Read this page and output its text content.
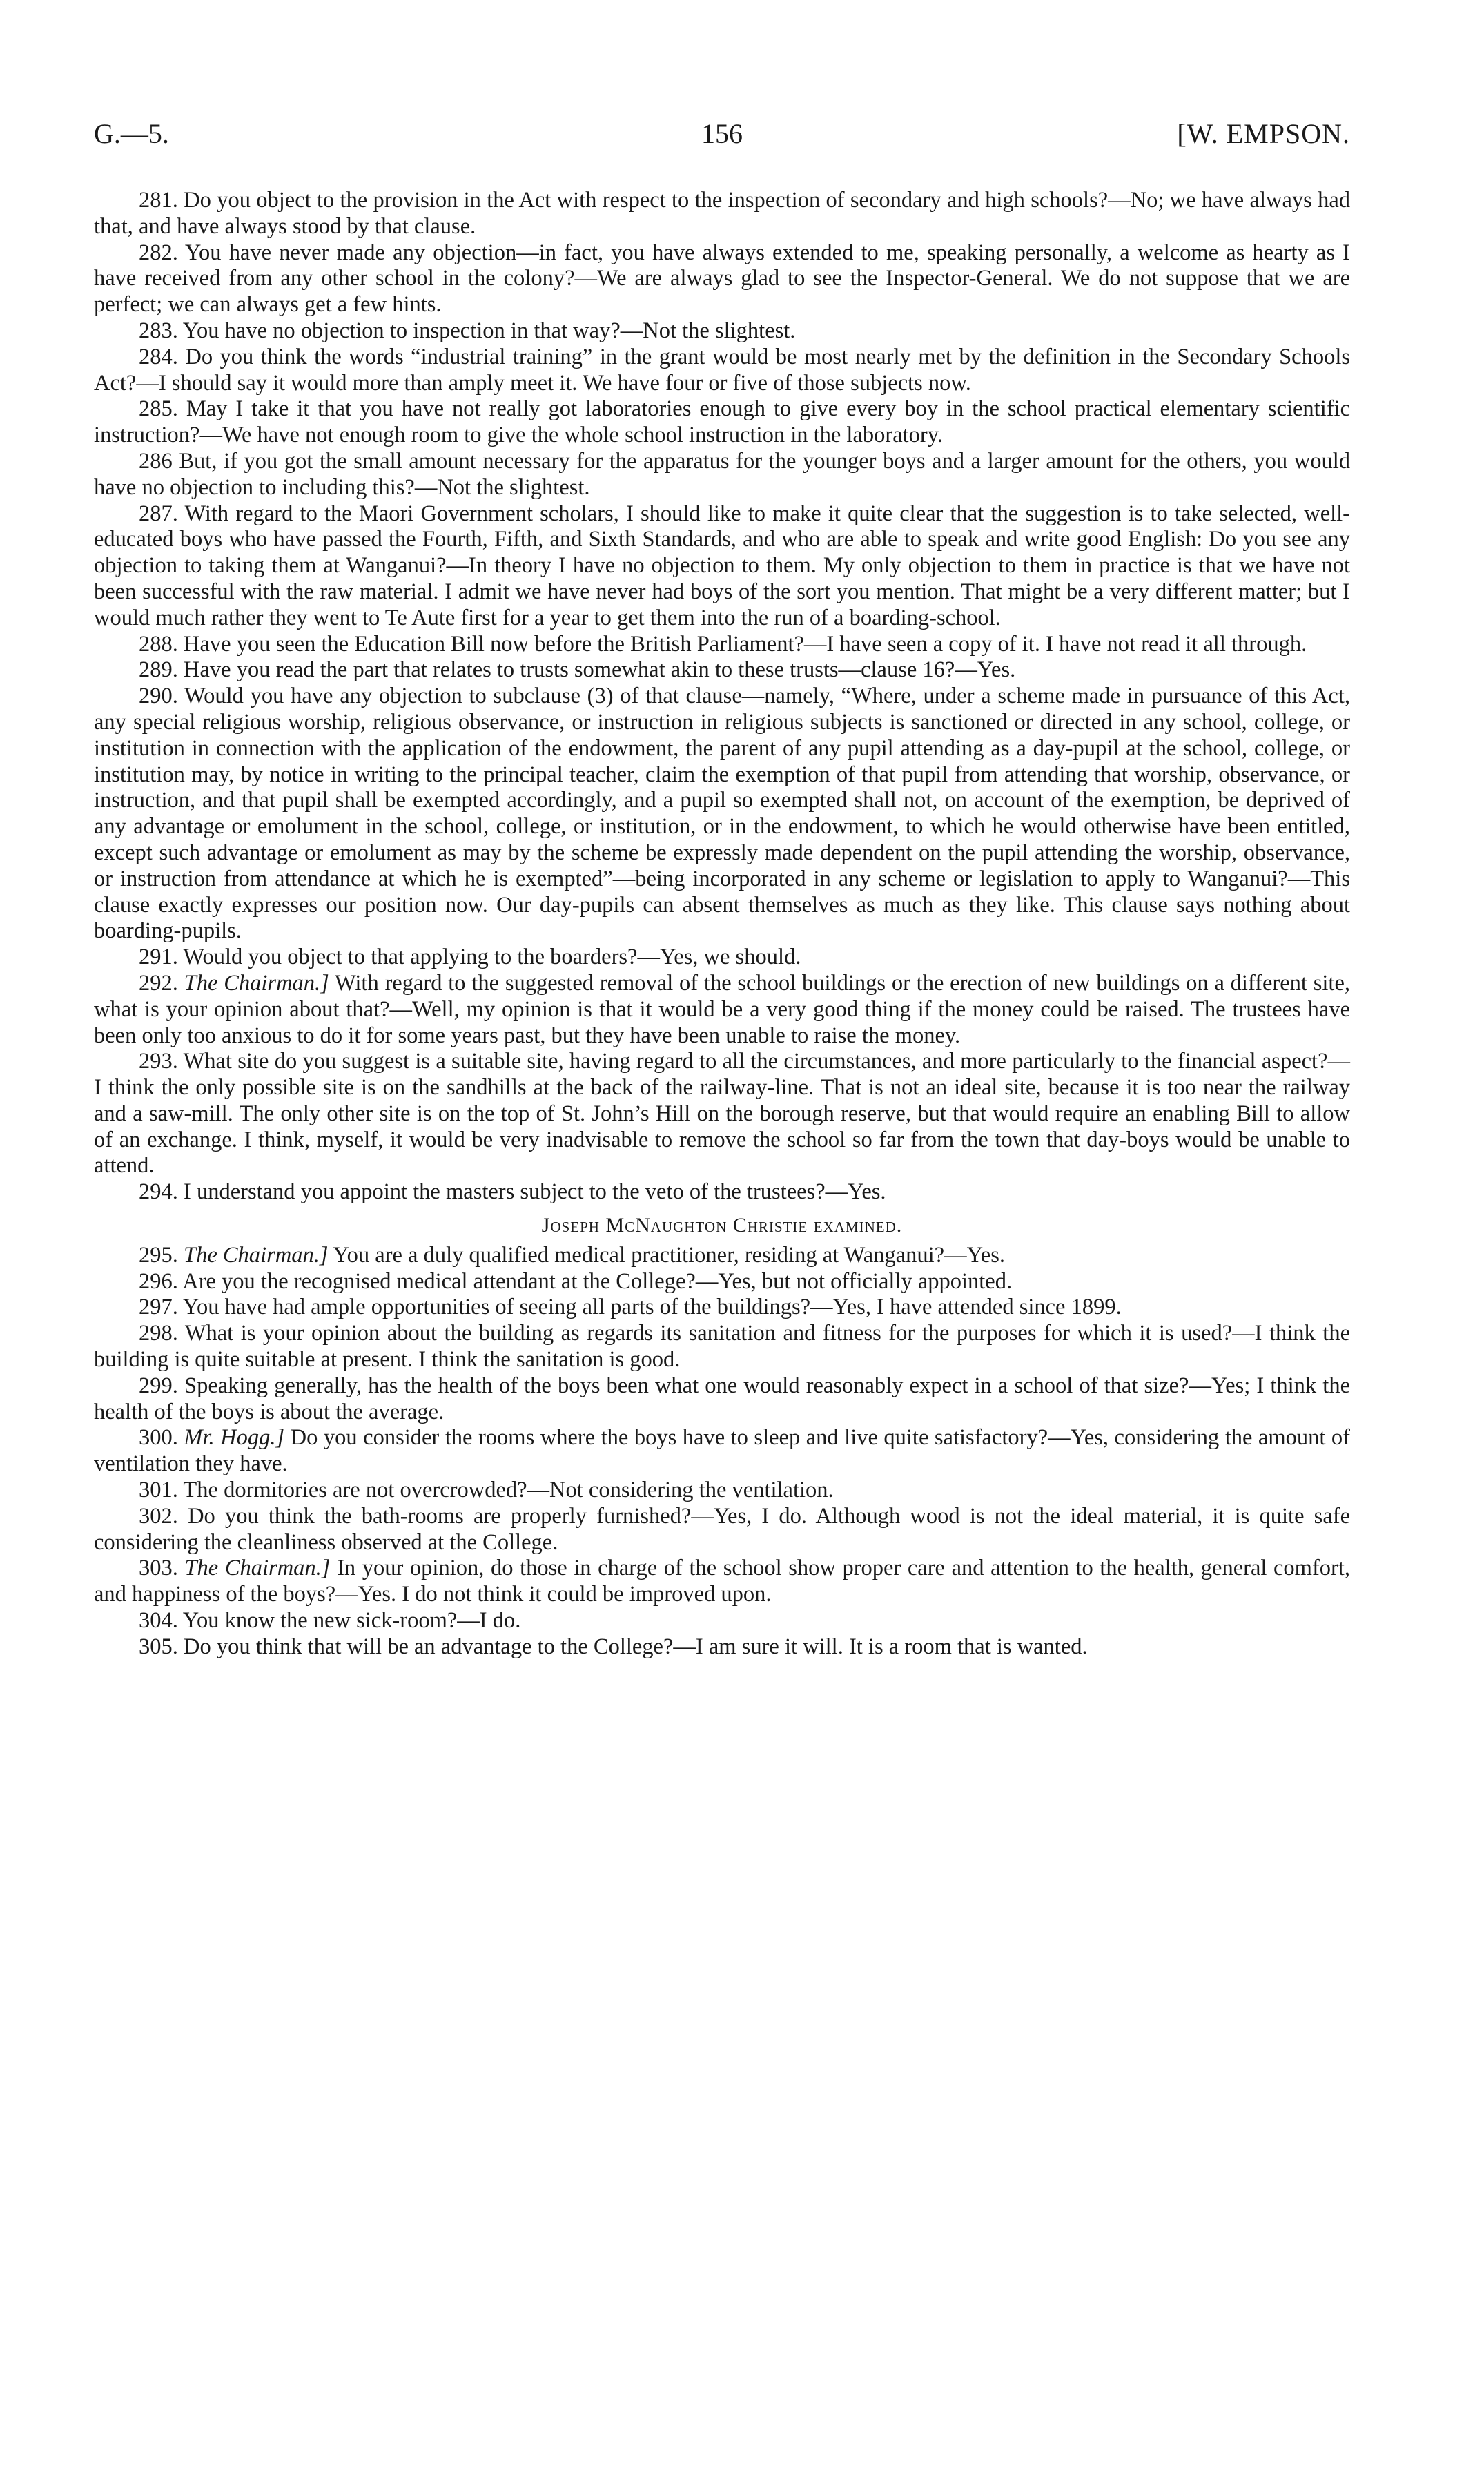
G.—5.	156	[W. EMPSON.

281. Do you object to the provision in the Act with respect to the inspection of secondary and high schools?—No; we have always had that, and have always stood by that clause.

282. You have never made any objection—in fact, you have always extended to me, speaking personally, a welcome as hearty as I have received from any other school in the colony?—We are always glad to see the Inspector-General. We do not suppose that we are perfect; we can always get a few hints.

283. You have no objection to inspection in that way?—Not the slightest.

284. Do you think the words “industrial training” in the grant would be most nearly met by the definition in the Secondary Schools Act?—I should say it would more than amply meet it. We have four or five of those subjects now.

285. May I take it that you have not really got laboratories enough to give every boy in the school practical elementary scientific instruction?—We have not enough room to give the whole school instruction in the laboratory.

286 But, if you got the small amount necessary for the apparatus for the younger boys and a larger amount for the others, you would have no objection to including this?—Not the slightest.

287. With regard to the Maori Government scholars, I should like to make it quite clear that the suggestion is to take selected, well-educated boys who have passed the Fourth, Fifth, and Sixth Standards, and who are able to speak and write good English: Do you see any objection to taking them at Wanganui?—In theory I have no objection to them. My only objection to them in practice is that we have not been successful with the raw material. I admit we have never had boys of the sort you mention. That might be a very different matter; but I would much rather they went to Te Aute first for a year to get them into the run of a boarding-school.

288. Have you seen the Education Bill now before the British Parliament?—I have seen a copy of it. I have not read it all through.

289. Have you read the part that relates to trusts somewhat akin to these trusts—clause 16?—Yes.

290. Would you have any objection to subclause (3) of that clause—namely, “Where, under a scheme made in pursuance of this Act, any special religious worship, religious observance, or instruction in religious subjects is sanctioned or directed in any school, college, or institution in connection with the application of the endowment, the parent of any pupil attending as a day-pupil at the school, college, or institution may, by notice in writing to the principal teacher, claim the exemption of that pupil from attending that worship, observance, or instruction, and that pupil shall be exempted accordingly, and a pupil so exempted shall not, on account of the exemption, be deprived of any advantage or emolument in the school, college, or institution, or in the endowment, to which he would otherwise have been entitled, except such advantage or emolument as may by the scheme be expressly made dependent on the pupil attending the worship, observance, or instruction from attendance at which he is exempted”—being incorporated in any scheme or legislation to apply to Wanganui?—This clause exactly expresses our position now. Our day-pupils can absent themselves as much as they like. This clause says nothing about boarding-pupils.

291. Would you object to that applying to the boarders?—Yes, we should.

292. The Chairman.] With regard to the suggested removal of the school buildings or the erection of new buildings on a different site, what is your opinion about that?—Well, my opinion is that it would be a very good thing if the money could be raised. The trustees have been only too anxious to do it for some years past, but they have been unable to raise the money.

293. What site do you suggest is a suitable site, having regard to all the circumstances, and more particularly to the financial aspect?—I think the only possible site is on the sandhills at the back of the railway-line. That is not an ideal site, because it is too near the railway and a saw-mill. The only other site is on the top of St. John’s Hill on the borough reserve, but that would require an enabling Bill to allow of an exchange. I think, myself, it would be very inadvisable to remove the school so far from the town that day-boys would be unable to attend.

294. I understand you appoint the masters subject to the veto of the trustees?—Yes.

Joseph McNaughton Christie examined.

295. The Chairman.] You are a duly qualified medical practitioner, residing at Wanganui?—Yes.

296. Are you the recognised medical attendant at the College?—Yes, but not officially appointed.

297. You have had ample opportunities of seeing all parts of the buildings?—Yes, I have attended since 1899.

298. What is your opinion about the building as regards its sanitation and fitness for the purposes for which it is used?—I think the building is quite suitable at present. I think the sanitation is good.

299. Speaking generally, has the health of the boys been what one would reasonably expect in a school of that size?—Yes; I think the health of the boys is about the average.

300. Mr. Hogg.] Do you consider the rooms where the boys have to sleep and live quite satisfactory?—Yes, considering the amount of ventilation they have.

301. The dormitories are not overcrowded?—Not considering the ventilation.

302. Do you think the bath-rooms are properly furnished?—Yes, I do. Although wood is not the ideal material, it is quite safe considering the cleanliness observed at the College.

303. The Chairman.] In your opinion, do those in charge of the school show proper care and attention to the health, general comfort, and happiness of the boys?—Yes. I do not think it could be improved upon.

304. You know the new sick-room?—I do.

305. Do you think that will be an advantage to the College?—I am sure it will. It is a room that is wanted.
